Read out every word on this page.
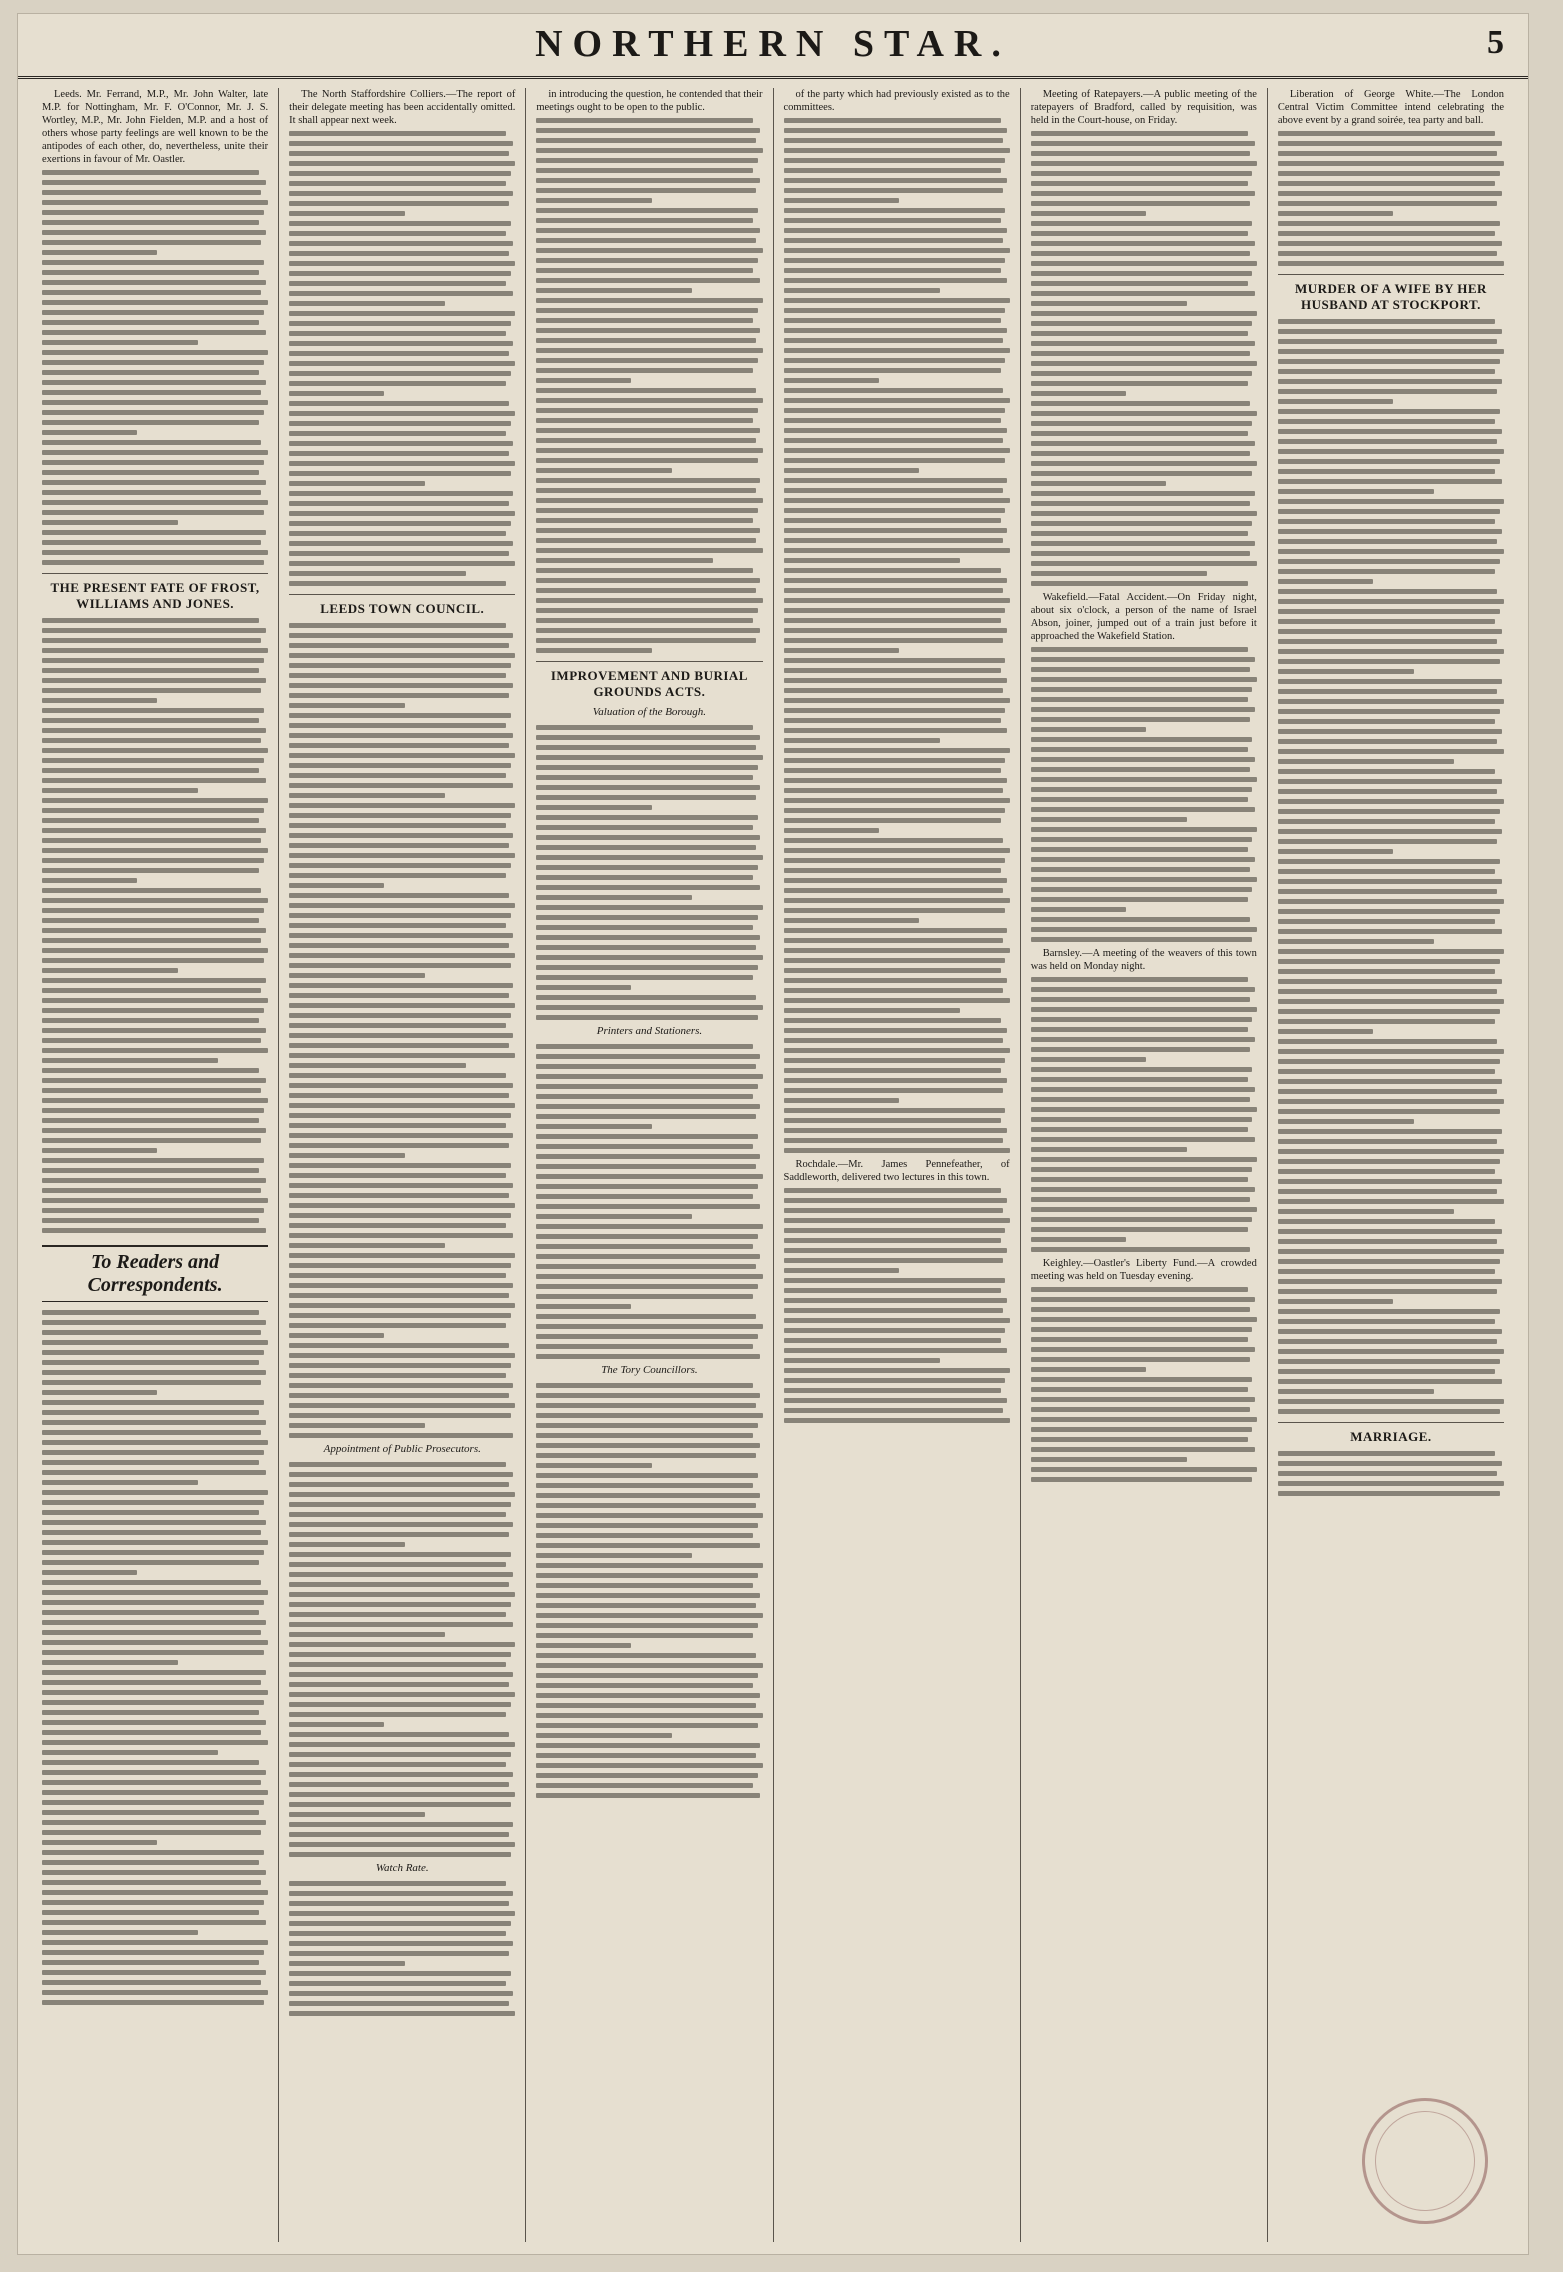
NORTHERN STAR.	5
Leeds. Mr. Ferrand, M.P., Mr. John Walter, late M.P. for Nottingham, Mr. F. O'Connor, Mr. J. S. Wortley, M.P., Mr. John Fielden, M.P. and a host of others whose party feelings are well known to be the antipodes of each other, do, nevertheless, unite their exertions in favour of Mr. Oastler.
THE PRESENT FATE OF FROST, WILLIAMS AND JONES.
To Readers and Correspondents.
The North Staffordshire Colliers.—The report of their delegate meeting has been accidentally omitted. It shall appear next week.
LEEDS TOWN COUNCIL.
Appointment of Public Prosecutors.
Watch Rate.
in introducing the question, he contended that their meetings ought to be open to the public.
IMPROVEMENT AND BURIAL GROUNDS ACTS.
Valuation of the Borough.
Printers and Stationers.
The Tory Councillors.
of the party which had previously existed as to the committees.
Rochdale.—Mr. James Pennefeather, of Saddleworth, delivered two lectures in this town.
Meeting of Ratepayers.—A public meeting of the ratepayers of Bradford, called by requisition, was held in the Court-house, on Friday.
Wakefield.—Fatal Accident.—On Friday night, about six o'clock, a person of the name of Israel Abson, joiner, jumped out of a train just before it approached the Wakefield Station.
Barnsley.—A meeting of the weavers of this town was held on Monday night.
Keighley.—Oastler's Liberty Fund.—A crowded meeting was held on Tuesday evening.
Liberation of George White.—The London Central Victim Committee intend celebrating the above event by a grand soirée, tea party and ball.
MURDER OF A WIFE BY HER HUSBAND AT STOCKPORT.
MARRIAGE.
